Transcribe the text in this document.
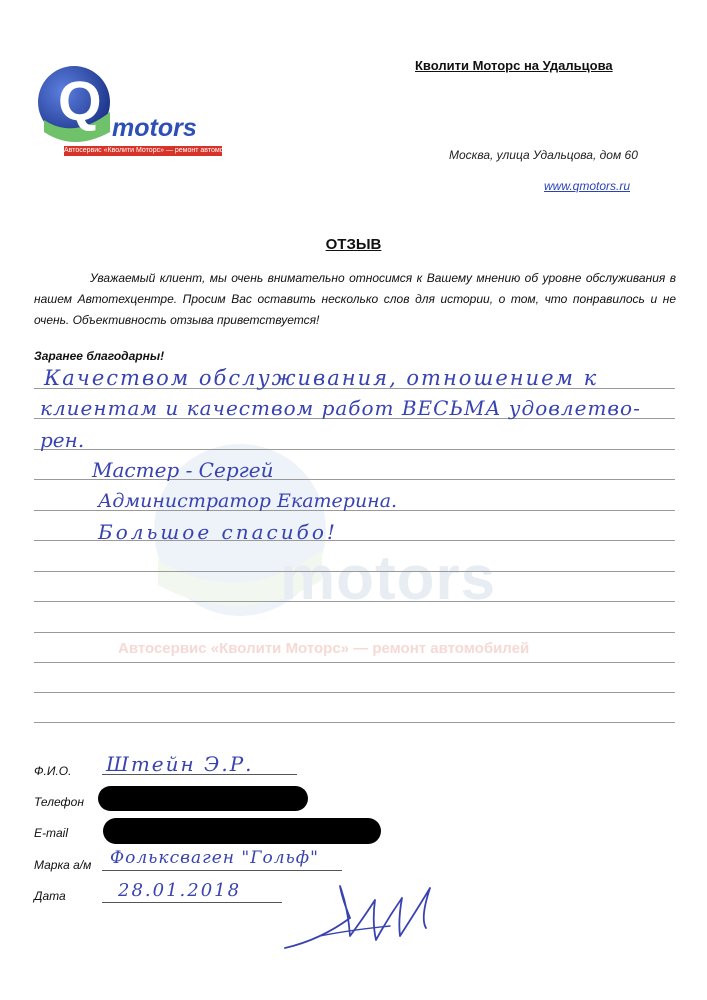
Q motors
Автосервис «Кволити Моторс» — ремонт автомобилей
Кволити Моторс на Удальцова
Москва, улица Удальцова, дом 60
www.qmotors.ru
ОТЗЫВ
Уважаемый клиент, мы очень внимательно относимся к Вашему мнению об уровне обслуживания в нашем Автотехцентре. Просим Вас оставить несколько слов для истории, о том, что понравилось и не очень. Объективность отзыва приветствуется!
Заранее благодарны!
motors
Автосервис «Кволити Моторс» — ремонт автомобилей
Качеством обслуживания, отношением к
клиентам и качеством работ ВЕСЬМА удовлетво-
рен.
Мастер - Сергей
Администратор Екатерина.
Большое спасибо!
Ф.И.О. Штейн Э.Р.
Телефон
E-mail
Марка а/м Фольксваген "Гольф"
Дата	28.01.2018
